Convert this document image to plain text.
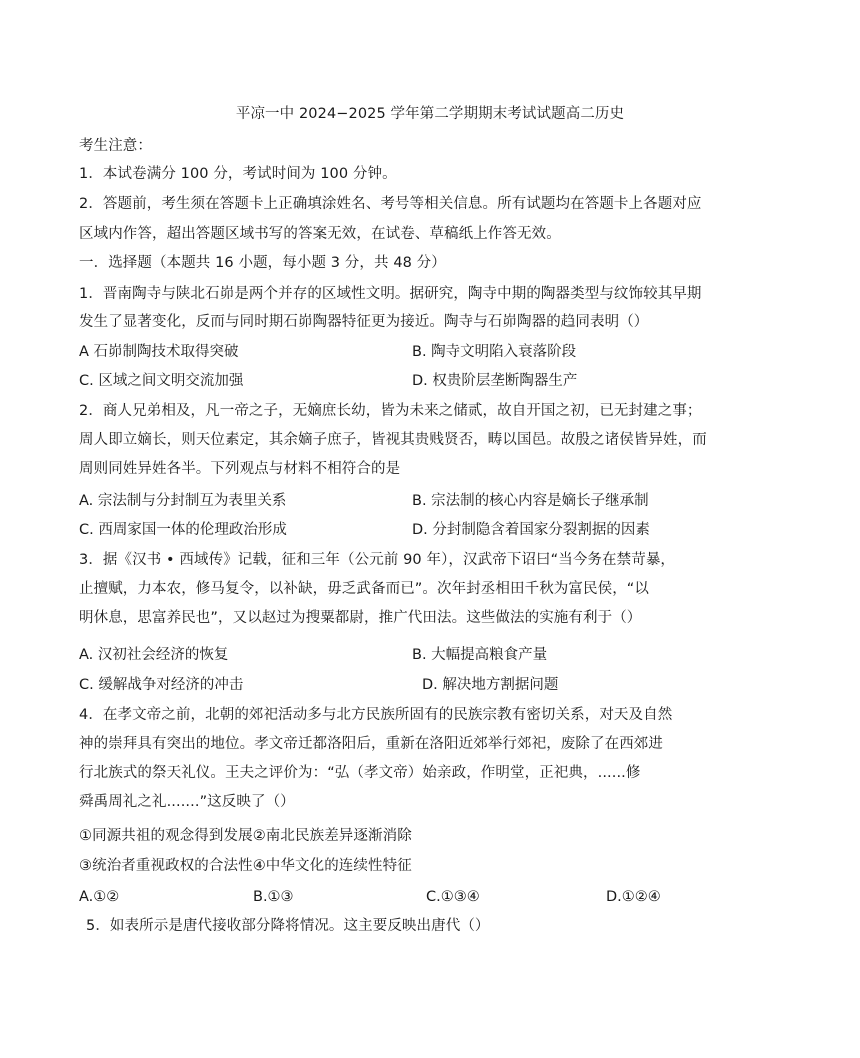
平凉一中 2024−2025 学年第二学期期末考试试题高二历史
考生注意：
1．本试卷满分 100 分，考试时间为 100 分钟。
2．答题前，考生须在答题卡上正确填涂姓名、考号等相关信息。所有试题均在答题卡上各题对应
区域内作答，超出答题区域书写的答案无效，在试卷、草稿纸上作答无效。
一．选择题（本题共 16 小题，每小题 3 分，共 48 分）
1．晋南陶寺与陕北石峁是两个并存的区域性文明。据研究，陶寺中期的陶器类型与纹饰较其早期
发生了显著变化，反而与同时期石峁陶器特征更为接近。陶寺与石峁陶器的趋同表明（）
A 石峁制陶技术取得突破	B. 陶寺文明陷入衰落阶段
C. 区域之间文明交流加强	D. 权贵阶层垄断陶器生产
2．商人兄弟相及，凡一帝之子，无嫡庶长幼，皆为未来之储贰，故自开国之初，已无封建之事；
周人即立嫡长，则天位素定，其余嫡子庶子，皆视其贵贱贤否，畴以国邑。故殷之诸侯皆异姓，而
周则同姓异姓各半。下列观点与材料不相符合的是
A. 宗法制与分封制互为表里关系	B. 宗法制的核心内容是嫡长子继承制
C. 西周家国一体的伦理政治形成	D. 分封制隐含着国家分裂割据的因素
3．据《汉书 • 西域传》记载，征和三年（公元前 90 年），汉武帝下诏曰“当今务在禁苛暴，
止擅赋，力本农，修马复令，以补缺，毋乏武备而已”。次年封丞相田千秋为富民侯，“以
明休息，思富养民也”，又以赵过为搜粟都尉，推广代田法。这些做法的实施有利于（）
A. 汉初社会经济的恢复	B. 大幅提高粮食产量
C. 缓解战争对经济的冲击	D. 解决地方割据问题
4．在孝文帝之前，北朝的郊祀活动多与北方民族所固有的民族宗教有密切关系，对天及自然
神的崇拜具有突出的地位。孝文帝迁都洛阳后，重新在洛阳近郊举行郊祀，废除了在西郊进
行北族式的祭天礼仪。王夫之评价为：“弘（孝文帝）始亲政，作明堂，正祀典，......修
舜禹周礼之礼.......”这反映了（）
①同源共祖的观念得到发展②南北民族差异逐渐消除
③统治者重视政权的合法性④中华文化的连续性特征
A.①②	B.①③	C.①③④	D.①②④
5．如表所示是唐代接收部分降将情况。这主要反映出唐代（）
